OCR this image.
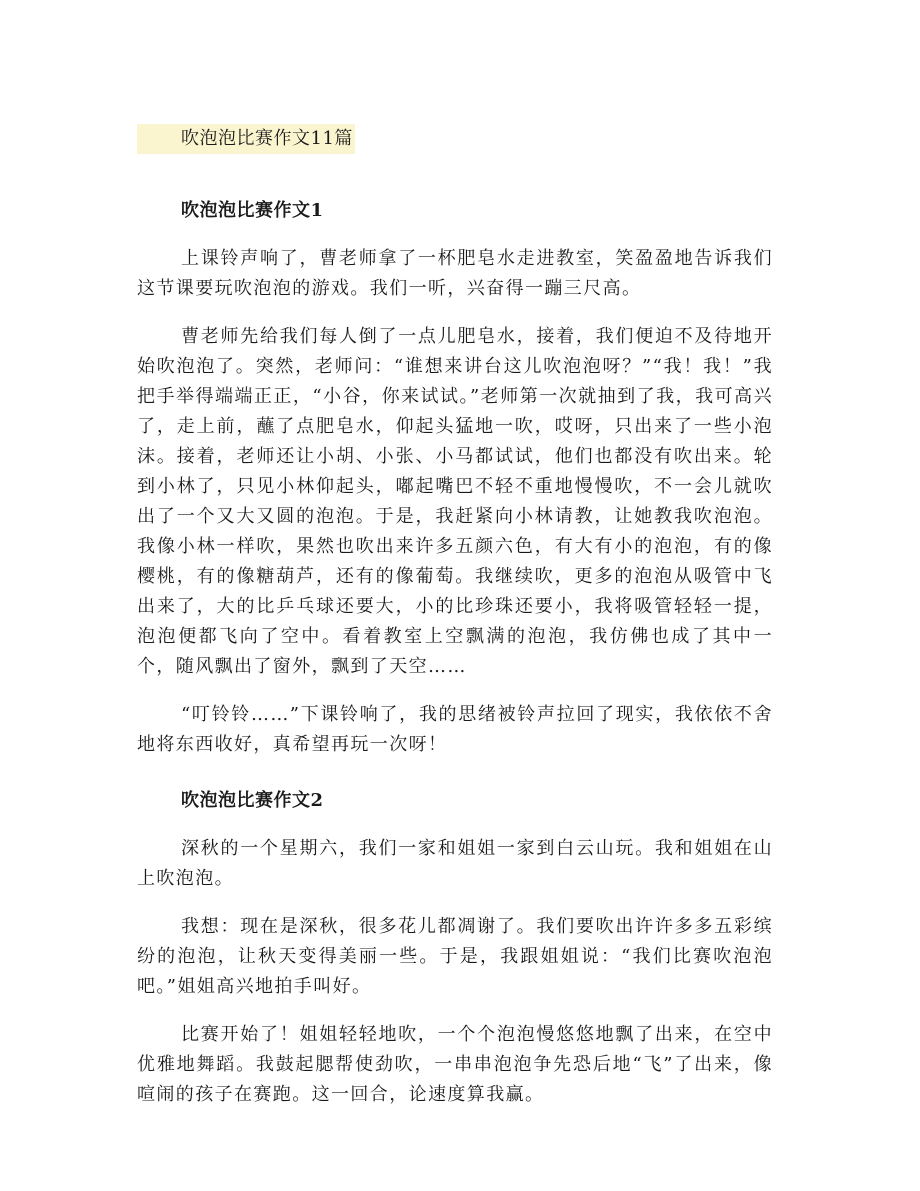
吹泡泡比赛作文11篇
吹泡泡比赛作文1

上课铃声响了，曹老师拿了一杯肥皂水走进教室，笑盈盈地告诉我们这节课要玩吹泡泡的游戏。我们一听，兴奋得一蹦三尺高。

曹老师先给我们每人倒了一点儿肥皂水，接着，我们便迫不及待地开始吹泡泡了。突然，老师问：“谁想来讲台这儿吹泡泡呀？”“我！我！”我把手举得端端正正，“小谷，你来试试。”老师第一次就抽到了我，我可高兴了，走上前，蘸了点肥皂水，仰起头猛地一吹，哎呀，只出来了一些小泡沫。接着，老师还让小胡、小张、小马都试试，他们也都没有吹出来。轮到小林了，只见小林仰起头，嘟起嘴巴不轻不重地慢慢吹，不一会儿就吹出了一个又大又圆的泡泡。于是，我赶紧向小林请教，让她教我吹泡泡。我像小林一样吹，果然也吹出来许多五颜六色，有大有小的泡泡，有的像樱桃，有的像糖葫芦，还有的像葡萄。我继续吹，更多的泡泡从吸管中飞出来了，大的比乒乓球还要大，小的比珍珠还要小，我将吸管轻轻一提，泡泡便都飞向了空中。看着教室上空飘满的泡泡，我仿佛也成了其中一个，随风飘出了窗外，飘到了天空……

“叮铃铃……”下课铃响了，我的思绪被铃声拉回了现实，我依依不舍地将东西收好，真希望再玩一次呀！

吹泡泡比赛作文2

深秋的一个星期六，我们一家和姐姐一家到白云山玩。我和姐姐在山上吹泡泡。

我想：现在是深秋，很多花儿都凋谢了。我们要吹出许许多多五彩缤纷的泡泡，让秋天变得美丽一些。于是，我跟姐姐说：“我们比赛吹泡泡吧。”姐姐高兴地拍手叫好。

比赛开始了！姐姐轻轻地吹，一个个泡泡慢悠悠地飘了出来，在空中优雅地舞蹈。我鼓起腮帮使劲吹，一串串泡泡争先恐后地“飞”了出来，像喧闹的孩子在赛跑。这一回合，论速度算我赢。
